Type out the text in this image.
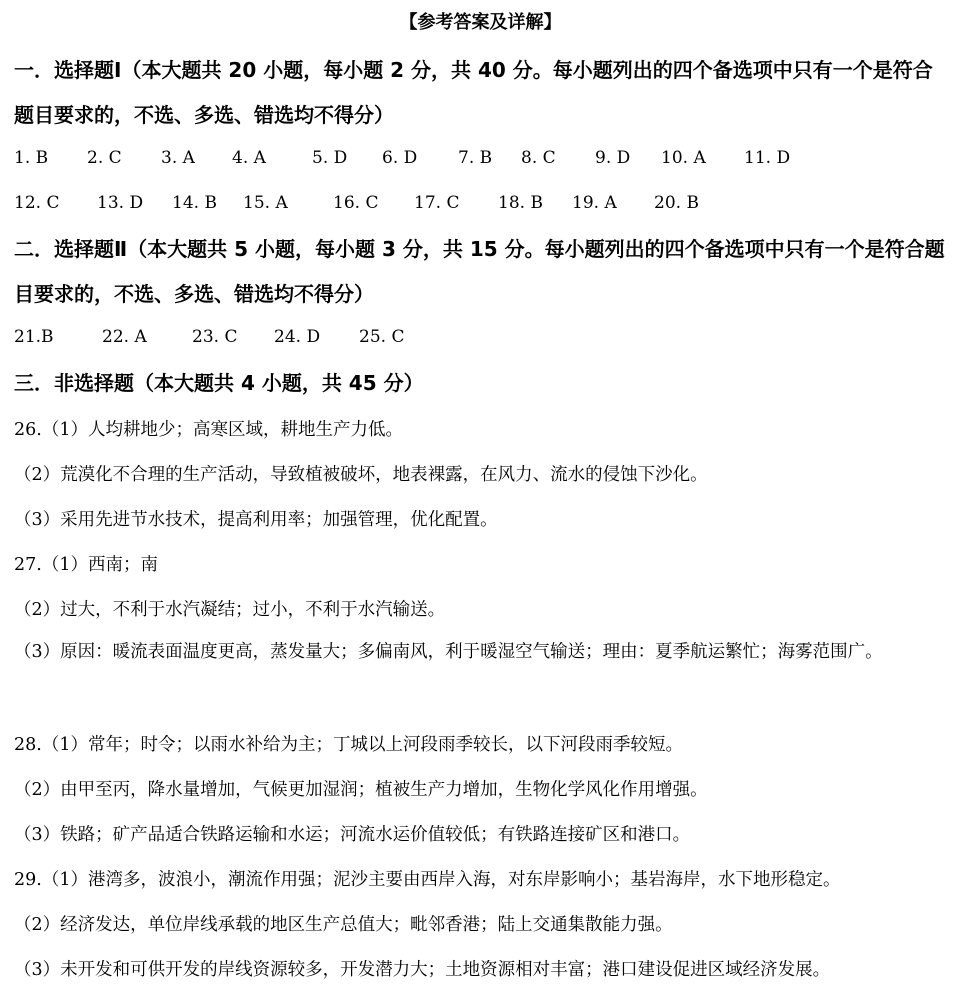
【参考答案及详解】
一．选择题Ⅰ（本大题共 20 小题，每小题 2 分，共 40 分。每小题列出的四个备选项中只有一个是符合题目要求的，不选、多选、错选均不得分）
1. B 2. C 3. A 4. A	5. D 6. D 7. B 8. C 9. D 10. A 11. D
12. C 13. D 14. B 15. A	16. C 17. C 18. B 19. A 20. B
二．选择题Ⅱ（本大题共 5 小题，每小题 3 分，共 15 分。每小题列出的四个备选项中只有一个是符合题目要求的，不选、多选、错选均不得分）
21.B	22. A	23. C 24. D 25. C
三．非选择题（本大题共 4 小题，共 45 分）
26.（1）人均耕地少；高寒区域，耕地生产力低。
（2）荒漠化不合理的生产活动，导致植被破坏，地表裸露，在风力、流水的侵蚀下沙化。
（3）采用先进节水技术，提高利用率；加强管理，优化配置。
27.（1）西南；南
（2）过大，不利于水汽凝结；过小，不利于水汽输送。
（3）原因：暖流表面温度更高，蒸发量大；多偏南风，利于暖湿空气输送；理由：夏季航运繁忙；海雾范围广。
28.（1）常年；时令；以雨水补给为主；丁城以上河段雨季较长，以下河段雨季较短。
（2）由甲至丙，降水量增加，气候更加湿润；植被生产力增加，生物化学风化作用增强。
（3）铁路；矿产品适合铁路运输和水运；河流水运价值较低；有铁路连接矿区和港口。
29.（1）港湾多，波浪小，潮流作用强；泥沙主要由西岸入海，对东岸影响小；基岩海岸，水下地形稳定。
（2）经济发达，单位岸线承载的地区生产总值大；毗邻香港；陆上交通集散能力强。
（3）未开发和可供开发的岸线资源较多，开发潜力大；土地资源相对丰富；港口建设促进区域经济发展。
